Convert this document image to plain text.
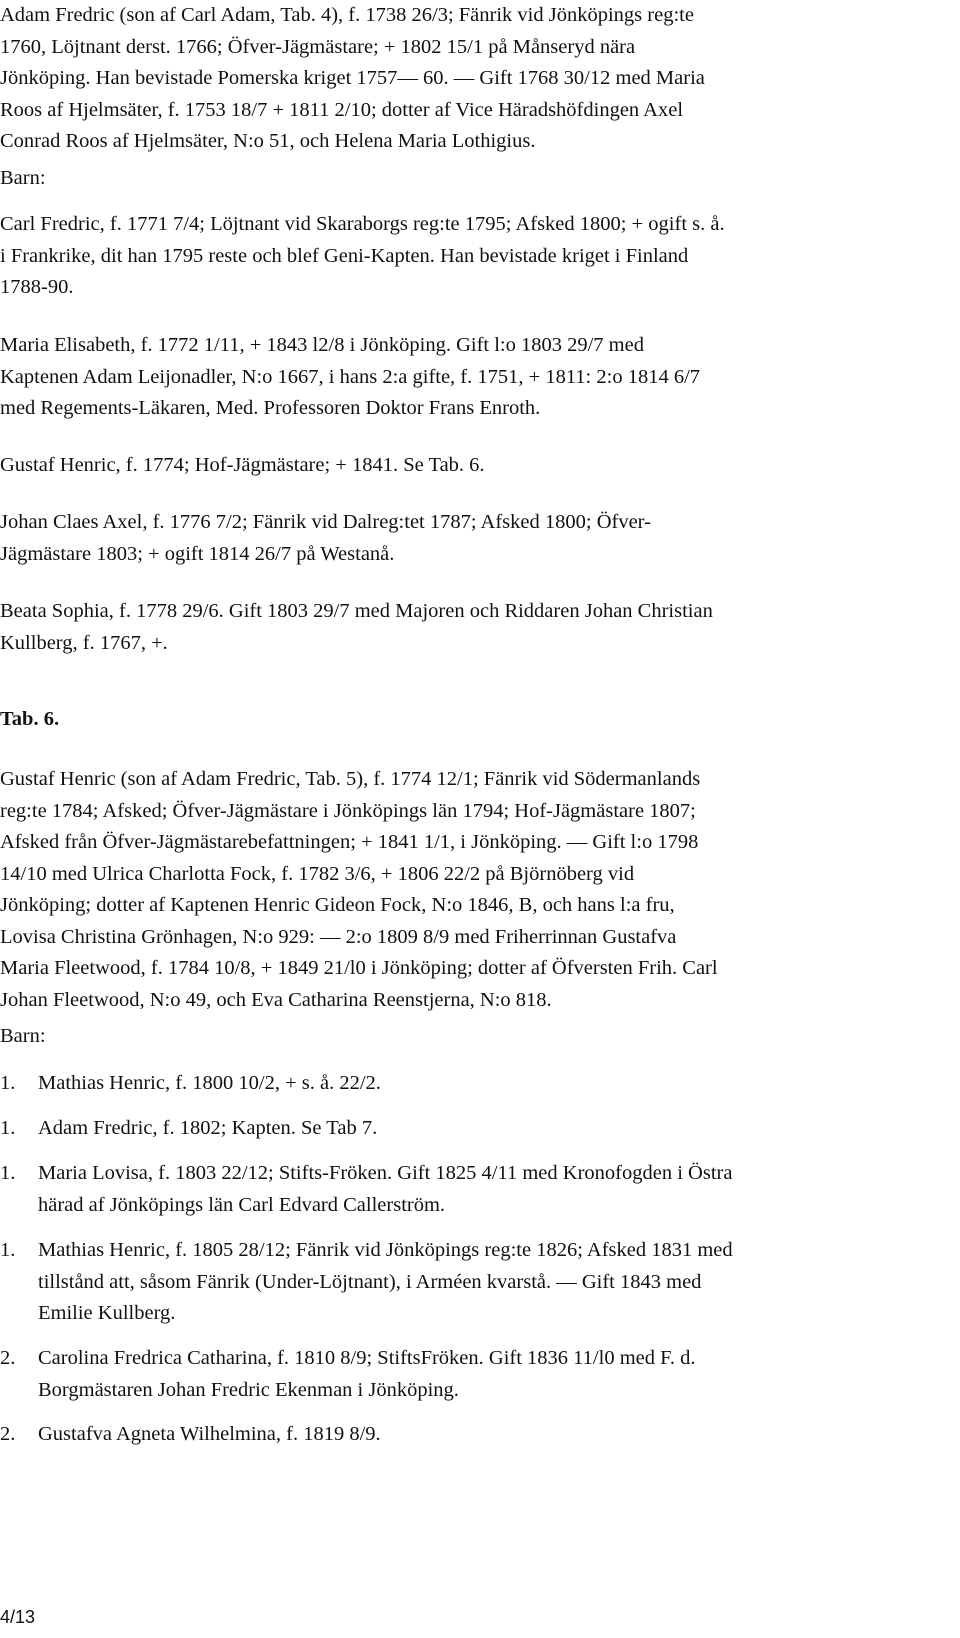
Adam Fredric (son af Carl Adam, Tab. 4), f. 1738 26/3; Fänrik vid Jönköpings reg:te
1760, Löjtnant derst. 1766; Öfver-Jägmästare; + 1802 15/1 på Månseryd nära
Jönköping. Han bevistade Pomerska kriget 1757— 60. — Gift 1768 30/12 med Maria
Roos af Hjelmsäter, f. 1753 18/7 + 1811 2/10; dotter af Vice Häradshöfdingen Axel
Conrad Roos af Hjelmsäter, N:o 51, och Helena Maria Lothigius.

Barn:

Carl Fredric, f. 1771 7/4; Löjtnant vid Skaraborgs reg:te 1795; Afsked 1800; + ogift s. å.
i Frankrike, dit han 1795 reste och blef Geni-Kapten. Han bevistade kriget i Finland
1788-90.

Maria Elisabeth, f. 1772 1/11, + 1843 l2/8 i Jönköping. Gift l:o 1803 29/7 med
Kaptenen Adam Leijonadler, N:o 1667, i hans 2:a gifte, f. 1751, + 1811: 2:o 1814 6/7
med Regements-Läkaren, Med. Professoren Doktor Frans Enroth.

Gustaf Henric, f. 1774; Hof-Jägmästare; + 1841. Se Tab. 6.

Johan Claes Axel, f. 1776 7/2; Fänrik vid Dalreg:tet 1787; Afsked 1800; Öfver-
Jägmästare 1803; + ogift 1814 26/7 på Westanå.

Beata Sophia, f. 1778 29/6. Gift 1803 29/7 med Majoren och Riddaren Johan Christian
Kullberg, f. 1767, +.

Tab. 6.

Gustaf Henric (son af Adam Fredric, Tab. 5), f. 1774 12/1; Fänrik vid Södermanlands
reg:te 1784; Afsked; Öfver-Jägmästare i Jönköpings län 1794; Hof-Jägmästare 1807;
Afsked från Öfver-Jägmästarebefattningen; + 1841 1/1, i Jönköping. — Gift l:o 1798
14/10 med Ulrica Charlotta Fock, f. 1782 3/6, + 1806 22/2 på Björnöberg vid
Jönköping; dotter af Kaptenen Henric Gideon Fock, N:o 1846, B, och hans l:a fru,
Lovisa Christina Grönhagen, N:o 929: — 2:o 1809 8/9 med Friherrinnan Gustafva
Maria Fleetwood, f. 1784 10/8, + 1849 21/l0 i Jönköping; dotter af Öfversten Frih. Carl
Johan Fleetwood, N:o 49, och Eva Catharina Reenstjerna, N:o 818.

Barn:

1. Mathias Henric, f. 1800 10/2, + s. å. 22/2.
1. Adam Fredric, f. 1802; Kapten. Se Tab 7.
1. Maria Lovisa, f. 1803 22/12; Stifts-Fröken. Gift 1825 4/11 med Kronofogden i Östra
härad af Jönköpings län Carl Edvard Callerström.
1. Mathias Henric, f. 1805 28/12; Fänrik vid Jönköpings reg:te 1826; Afsked 1831 med
tillstånd att, såsom Fänrik (Under-Löjtnant), i Arméen kvarstå. — Gift 1843 med
Emilie Kullberg.
2. Carolina Fredrica Catharina, f. 1810 8/9; StiftsFröken. Gift 1836 11/l0 med F. d.
Borgmästaren Johan Fredric Ekenman i Jönköping.
2. Gustafva Agneta Wilhelmina, f. 1819 8/9.
4/13
